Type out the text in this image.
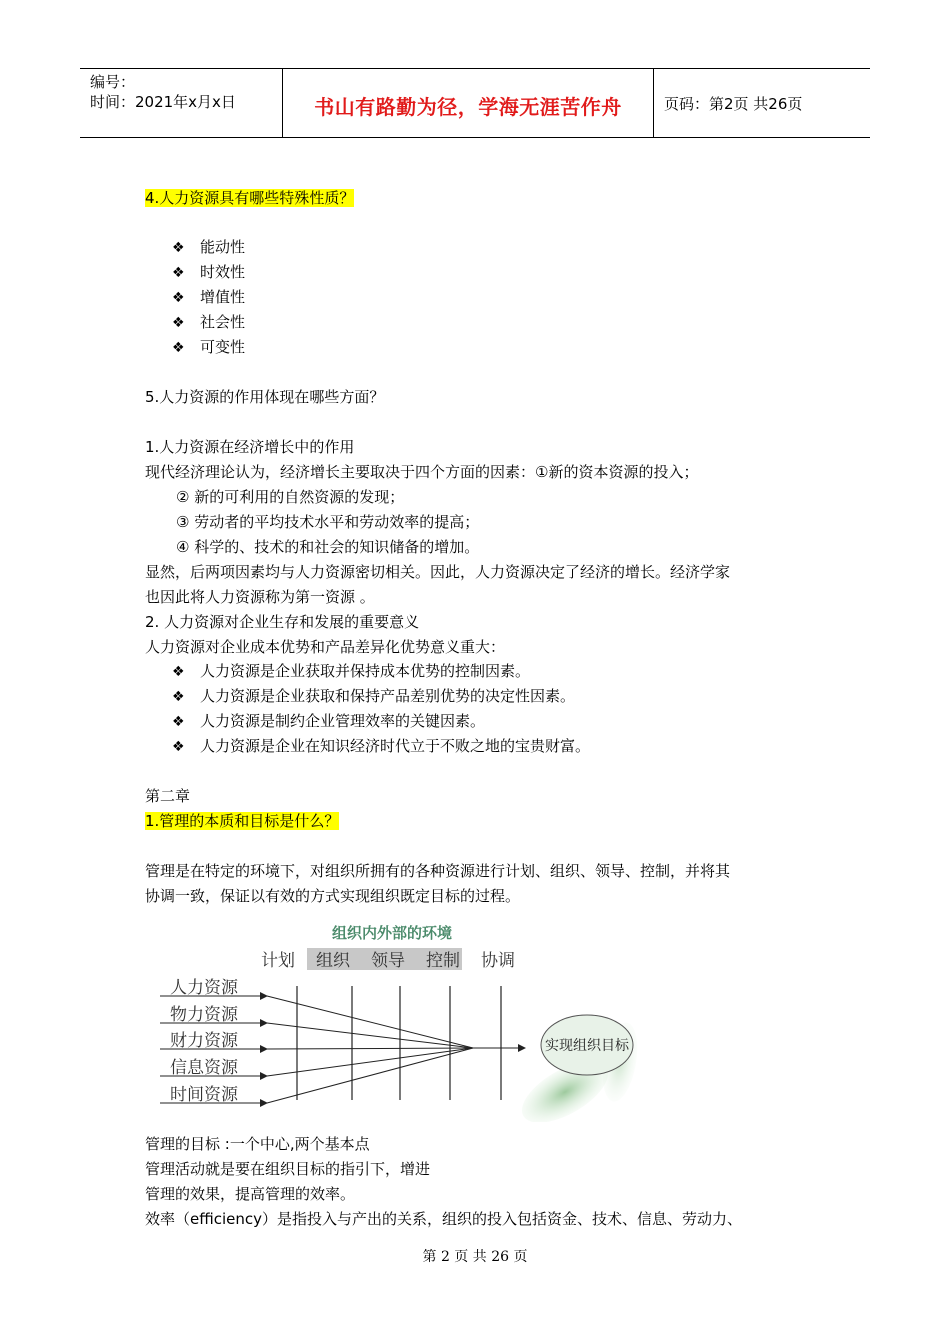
编号：
时间：2021年x月x日	书山有路勤为径，学海无涯苦作舟	页码：第2页 共26页
4.人力资源具有哪些特殊性质？
❖ 能动性
❖ 时效性
❖ 增值性
❖ 社会性
❖ 可变性
5.人力资源的作用体现在哪些方面？
1.人力资源在经济增长中的作用
现代经济理论认为，经济增长主要取决于四个方面的因素：①新的资本资源的投入；
② 新的可利用的自然资源的发现；
③ 劳动者的平均技术水平和劳动效率的提高；
④ 科学的、技术的和社会的知识储备的增加。
显然，后两项因素均与人力资源密切相关。因此，人力资源决定了经济的增长。经济学家
也因此将人力资源称为第一资源 。
2. 人力资源对企业生存和发展的重要意义
人力资源对企业成本优势和产品差异化优势意义重大：
❖ 人力资源是企业获取并保持成本优势的控制因素。
❖ 人力资源是企业获取和保持产品差别优势的决定性因素。
❖ 人力资源是制约企业管理效率的关键因素。
❖ 人力资源是企业在知识经济时代立于不败之地的宝贵财富。
第二章
1.管理的本质和目标是什么？
管理是在特定的环境下，对组织所拥有的各种资源进行计划、组织、领导、控制，并将其
协调一致，保证以有效的方式实现组织既定目标的过程。
组织内外部的环境
计划 组织 领导 控制 协调
人力资源
物力资源
财力资源
信息资源
时间资源
实现组织目标
管理的目标 :一个中心,两个基本点
管理活动就是要在组织目标的指引下，增进
管理的效果，提高管理的效率。
效率（efficiency）是指投入与产出的关系，组织的投入包括资金、技术、信息、劳动力、
第 2 页 共 26 页
